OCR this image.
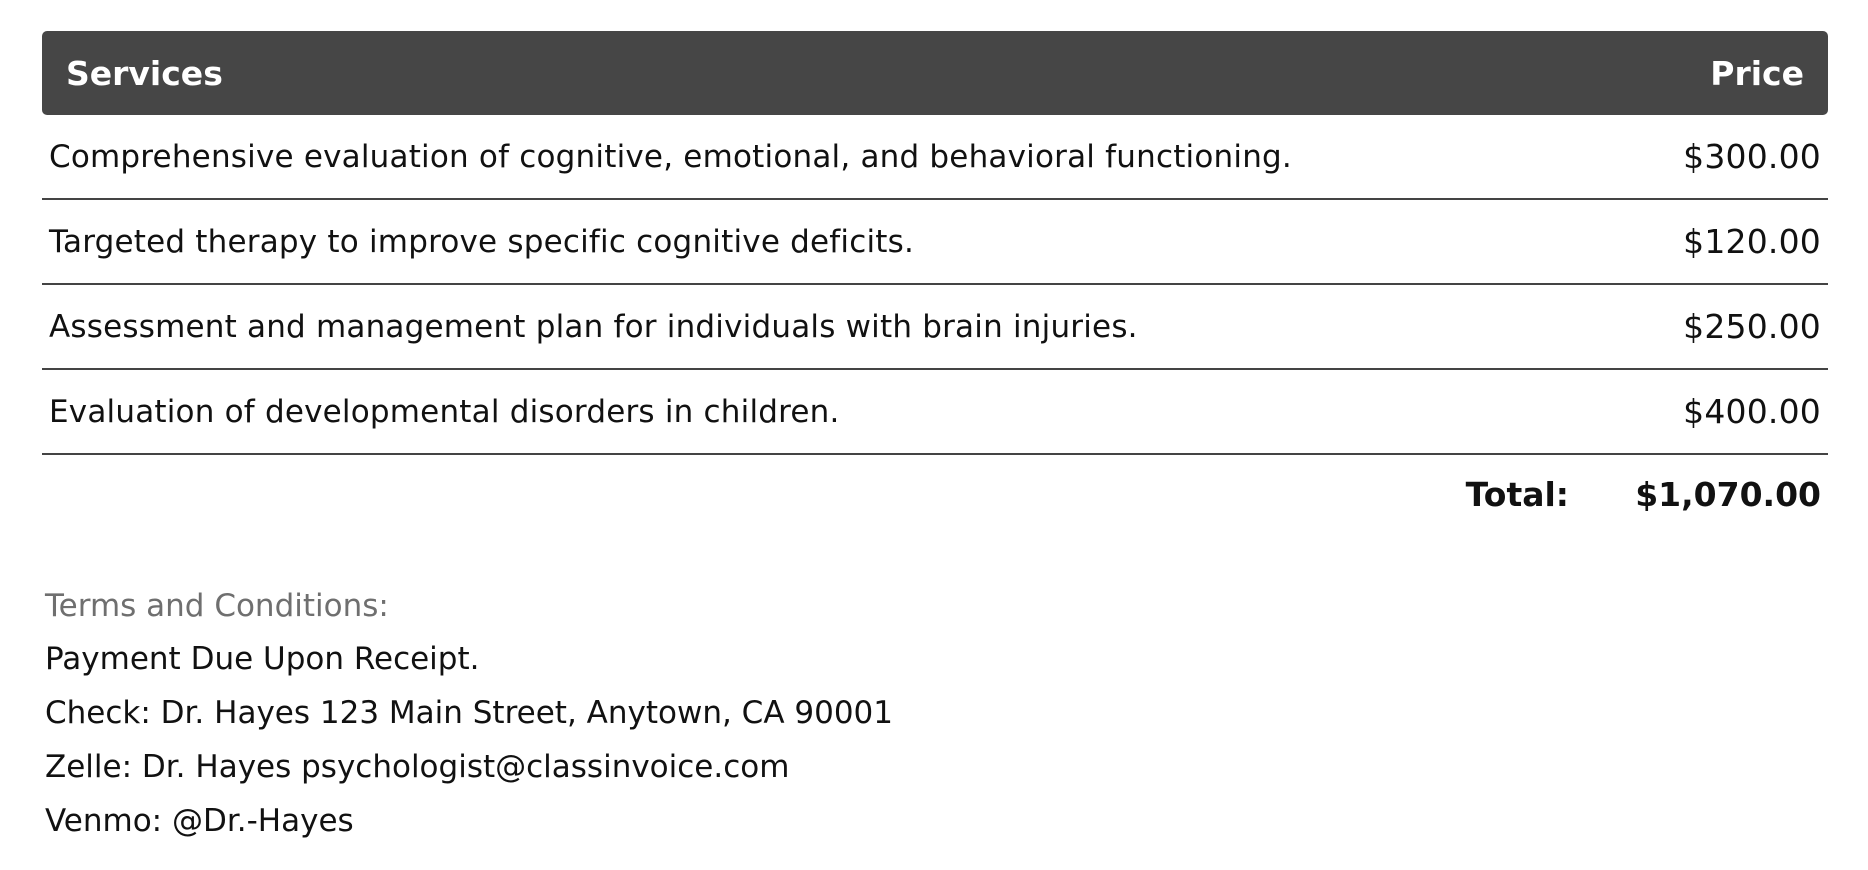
Services	Price
Comprehensive evaluation of cognitive, emotional, and behavioral functioning.	$300.00
Targeted therapy to improve specific cognitive deficits.	$120.00
Assessment and management plan for individuals with brain injuries.	$250.00
Evaluation of developmental disorders in children.	$400.00
Total: $1,070.00
Terms and Conditions:
Payment Due Upon Receipt.
Check: Dr. Hayes 123 Main Street, Anytown, CA 90001
Zelle: Dr. Hayes psychologist@classinvoice.com
Venmo: @Dr.-Hayes
